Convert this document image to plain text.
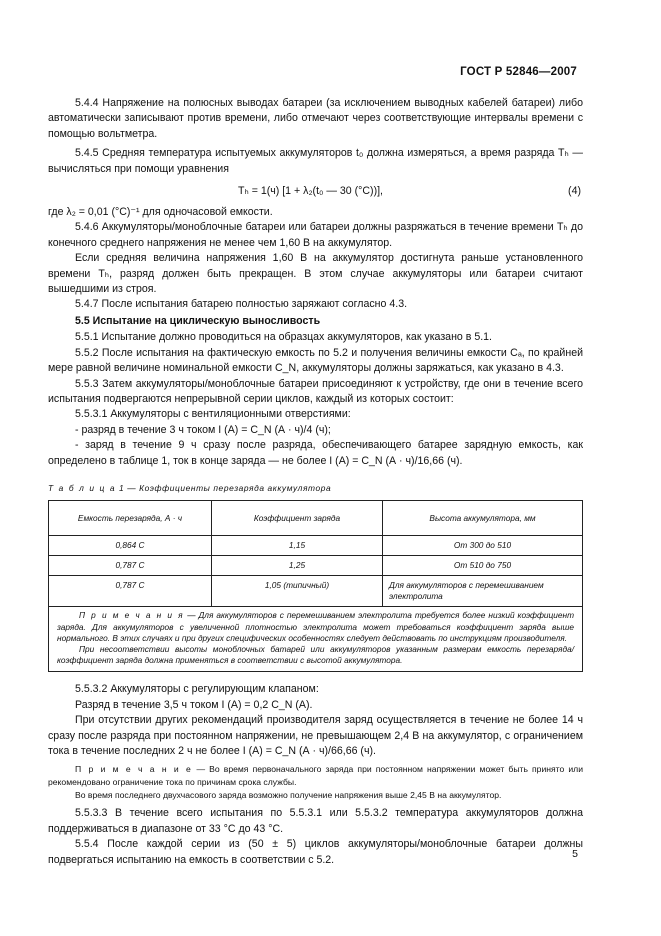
ГОСТ Р 52846—2007

5.4.4 Напряжение на полюсных выводах батареи (за исключением выводных кабелей батареи) либо автоматически записывают против времени, либо отмечают через соответствующие интервалы времени с помощью вольтметра.

5.4.5 Средняя температура испытуемых аккумуляторов t₀ должна измеряться, а время разряда Tₕ — вычисляться при помощи уравнения

Tₕ = 1(ч) [1 + λ₂(t₀ — 30 (°С))],	(4)

где λ₂ = 0,01 (°С)⁻¹ для одночасовой емкости.

5.4.6 Аккумуляторы/моноблочные батареи или батареи должны разряжаться в течение времени Tₕ до конечного среднего напряжения не менее чем 1,60 В на аккумулятор.

Если средняя величина напряжения 1,60 В на аккумулятор достигнута раньше установленного времени Tₕ, разряд должен быть прекращен. В этом случае аккумуляторы или батареи считают вышедшими из строя.

5.4.7 После испытания батарею полностью заряжают согласно 4.3.

5.5 Испытание на циклическую выносливость

5.5.1 Испытание должно проводиться на образцах аккумуляторов, как указано в 5.1.

5.5.2 После испытания на фактическую емкость по 5.2 и получения величины емкости Cₐ, по крайней мере равной величине номинальной емкости C_N, аккумуляторы должны заряжаться, как указано в 4.3.

5.5.3 Затем аккумуляторы/моноблочные батареи присоединяют к устройству, где они в течение всего испытания подвергаются непрерывной серии циклов, каждый из которых состоит:

5.5.3.1 Аккумуляторы с вентиляционными отверстиями:

- разряд в течение 3 ч током I (А) = C_N (А · ч)/4 (ч);

- заряд в течение 9 ч сразу после разряда, обеспечивающего батарее зарядную емкость, как определено в таблице 1, ток в конце заряда — не более I (А) = C_N (А · ч)/16,66 (ч).

Т а б л и ц а 1 — Коэффициенты перезаряда аккумулятора
Емкость перезаряда, А · ч	Коэффициент заряда	Высота аккумулятора, мм
0,864 С	1,15	От 300 до 510
0,787 С	1,25	От 510 до 750
0,787 С	1,05 (типичный)	Для аккумуляторов с перемешиванием электролита

П р и м е ч а н и я — Для аккумуляторов с перемешиванием электролита требуется более низкий коэффициент заряда. Для аккумуляторов с увеличенной плотностью электролита может требоваться коэффициент заряда выше нормального. В этих случаях и при других специфических особенностях следует действовать по инструкциям производителя.

При несоответствии высоты моноблочных батарей или аккумуляторов указанным размерам емкость перезаряда/коэффициент заряда должна применяться в соответствии с высотой аккумулятора.

5.5.3.2 Аккумуляторы с регулирующим клапаном:

Разряд в течение 3,5 ч током I (А) = 0,2 C_N (А).

При отсутствии других рекомендаций производителя заряд осуществляется в течение не более 14 ч сразу после разряда при постоянном напряжении, не превышающем 2,4 В на аккумулятор, с ограничением тока в течение последних 2 ч не более I (А) = C_N (А · ч)/66,66 (ч).

П р и м е ч а н и е — Во время первоначального заряда при постоянном напряжении может быть принято или рекомендовано ограничение тока по причинам срока службы.

Во время последнего двухчасового заряда возможно получение напряжения выше 2,45 В на аккумулятор.

5.5.3.3 В течение всего испытания по 5.5.3.1 или 5.5.3.2 температура аккумуляторов должна поддерживаться в диапазоне от 33 °С до 43 °С.

5.5.4 После каждой серии из (50 ± 5) циклов аккумуляторы/моноблочные батареи должны подвергаться испытанию на емкость в соответствии с 5.2.	5
